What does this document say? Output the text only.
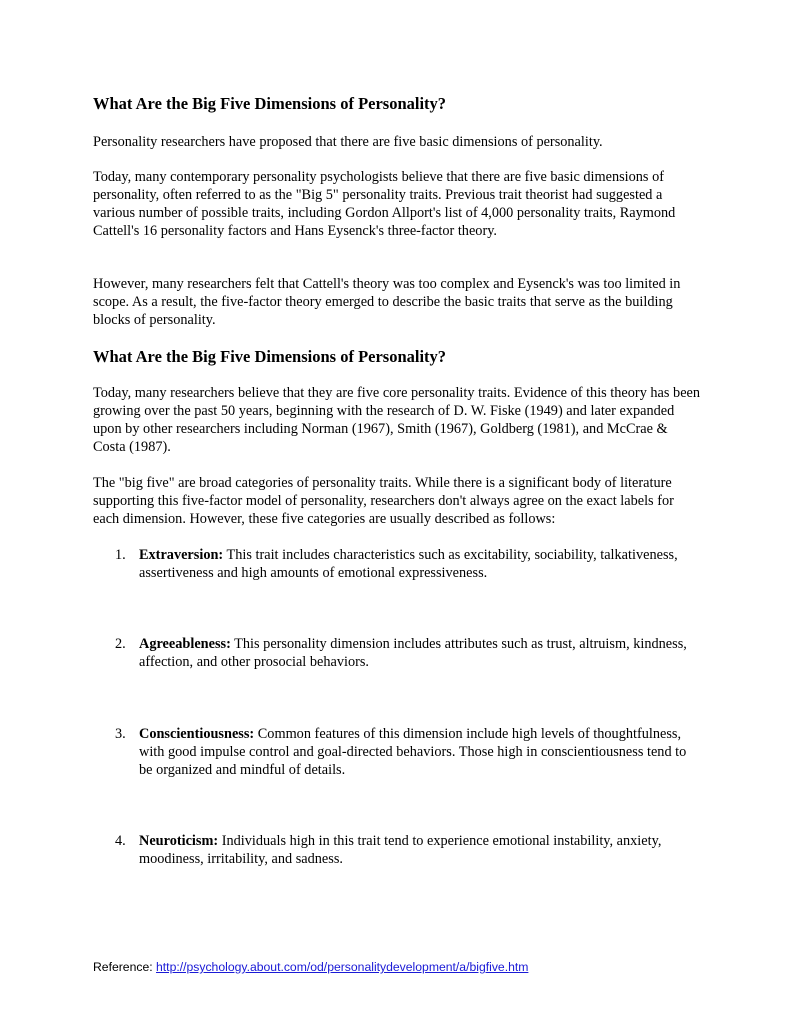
What Are the Big Five Dimensions of Personality?

Personality researchers have proposed that there are five basic dimensions of personality.

Today, many contemporary personality psychologists believe that there are five basic dimensions of personality, often referred to as the "Big 5" personality traits. Previous trait theorist had suggested a various number of possible traits, including Gordon Allport's list of 4,000 personality traits, Raymond Cattell's 16 personality factors and Hans Eysenck's three-factor theory.

However, many researchers felt that Cattell's theory was too complex and Eysenck's was too limited in scope. As a result, the five-factor theory emerged to describe the basic traits that serve as the building blocks of personality.

What Are the Big Five Dimensions of Personality?

Today, many researchers believe that they are five core personality traits. Evidence of this theory has been growing over the past 50 years, beginning with the research of D. W. Fiske (1949) and later expanded upon by other researchers including Norman (1967), Smith (1967), Goldberg (1981), and McCrae & Costa (1987).

The "big five" are broad categories of personality traits. While there is a significant body of literature supporting this five-factor model of personality, researchers don't always agree on the exact labels for each dimension. However, these five categories are usually described as follows:

1. Extraversion: This trait includes characteristics such as excitability, sociability, talkativeness, assertiveness and high amounts of emotional expressiveness.
2. Agreeableness: This personality dimension includes attributes such as trust, altruism, kindness, affection, and other prosocial behaviors.
3. Conscientiousness: Common features of this dimension include high levels of thoughtfulness, with good impulse control and goal-directed behaviors. Those high in conscientiousness tend to be organized and mindful of details.
4. Neuroticism: Individuals high in this trait tend to experience emotional instability, anxiety, moodiness, irritability, and sadness.
Reference: http://psychology.about.com/od/personalitydevelopment/a/bigfive.htm
